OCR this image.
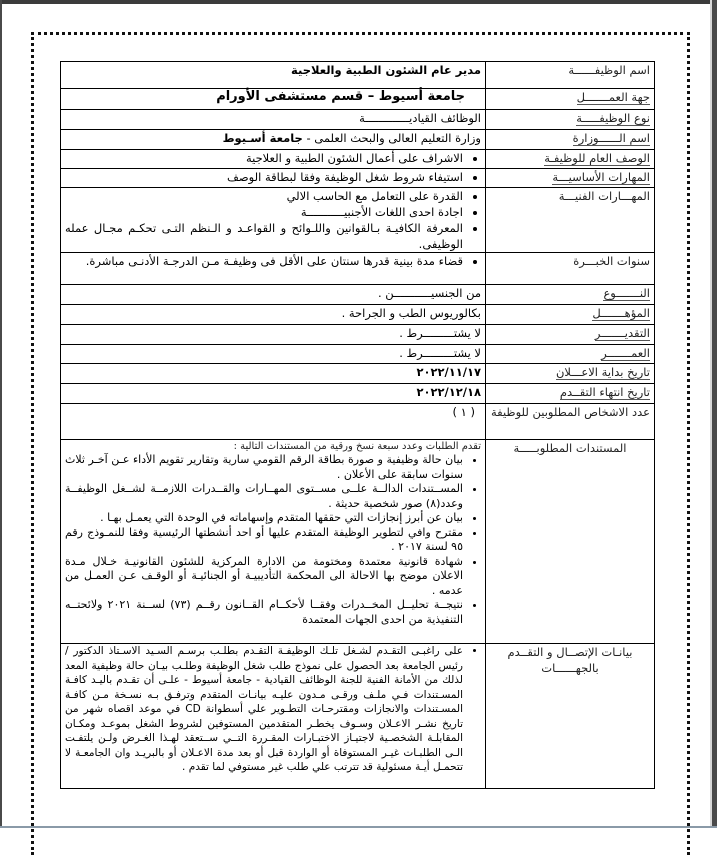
اسم الوظيفــــــة	مدير عام الشئون الطبية والعلاجية
جهة العمـــــــل	جامعة أسيوط – قسم مستشفى الأورام
نوع الوظيفـــــة	الوظائف القياديـــــــــــــة
اسم الــــــوزارة	وزارة التعليم العالى والبحث العلمى - جامعة أسـيوط
الوصف العام للوظيفـة	
• الاشراف على أعمال الشئون الطبية و العلاجية

المهارات الأساسيـــة	
• استيفاء شروط شغل الوظيفة وفقا لبطاقة الوصف

المهـــارات الفنيـــة	
• القدرة على التعامل مع الحاسب الالي
• اجادة احدى اللغات الأجنبيـــــــــــة
• المعرفة الكافيـة بـالقوانين واللـوائح و القواعـد و الـنظم التـى تحكـم مجـال عمله الوظيفى.

سنوات الخبـــرة	
• قضاء مدة بينية قدرها سنتان على الأقل فى وظيفـة مـن الدرجـة الأدنـى مباشرة.

النـــــــوع	من الجنسيـــــــــــن .
المؤهـــــــل	بكالوريوس الطب و الجراحة .
التقديـــــــر	لا يشتـــــــــرط .
العمـــــــر	لا يشتـــــــــرط .
تاريخ بداية الاعـــلان	٢٠٢٢/١١/١٧
تاريخ انتهاء التقــدم	٢٠٢٢/١٢/١٨
عدد الاشخاص المطلوبين للوظيفة	( ١ )
المستندات المطلوبـــــة	
تقدم الطلبات وعدد سبعة نسخ ورقية من المستندات التالية :
• بيان حالة وظيفية و صورة بطاقة الرقم القومي سارية وتقارير تقويم الأداء عـن آخـر ثلاث سنوات سابقة على الأعلان .
• المســتندات الدالــة علــى مســتوى المهــارات والقــدرات اللازمــة لشــغل الوظيفــة وعدد(٨) صور شخصية حديثة .
• بيان عن أبرز إنجازات التي حققها المتقدم وإسهاماته في الوحدة التي يعمـل بهـا .
• مقترح وافي لتطوير الوظيفة المتقدم عليها أو احد أنشطتها الرئيسية وفقا للنمـوذج رقم ٩٥ لسنة ٢٠١٧ .
• شهادة قانونية معتمدة ومختومة من الادارة المركزية للشئون القانونيـة خـلال مـدة الاعلان موضح بها الاحالة الى المحكمة التأديبيـة أو الجنائيـة أو الوقـف عـن العمـل من عدمه .
• نتيجــة تحليــل المخــدرات وفقــا لأحكــام القــانون رقــم (٧٣) لســنة ٢٠٢١ ولائحتــه التنفيذية من احدى الجهات المعتمدة

بيانـات الإتصــال و التقــدم بالجهــــــات	
• على راغبـى التقـدم لشـغل تلـك الوظيفـة التقـدم بطلـب برسـم السـيد الاسـتاذ الدكتور / رئيس الجامعة بعد الحصول على نموذج طلب شغل الوظيفة وطلـب بيـان حالة وظيفية المعد لذلك من الأمانة الفنية للجنة الوظائف القيادية - جامعة أسيوط - علـى أن تقـدم باليـد كافـة المسـتندات فـي ملـف ورقـى مـدون عليـه بيانـات المتقدم وترفـق بـه نسـخة مـن كافـة المسـتندات والانجازات ومقترحـات التطـوير علي أسطوانة CD في موعد اقصاه شهر من تاريخ نشـر الاعـلان وسـوف يخطـر المتقدمين المستوفين لشروط الشغل بموعـد ومكـان المقابلـة الشخصـية لاجتيـاز الاختبـارات المقـررة التــي ســتعقد لهـذا الغـرض ولـن يلتفـت الـى الطلبـات غيـر المستوفاة أو الواردة قبل أو بعد مدة الاعـلان أو بالبريـد وان الجامعـة لا تتحمـل أيـة مسئولية قد تترتب علي طلب غير مستوفي لما تقدم .
